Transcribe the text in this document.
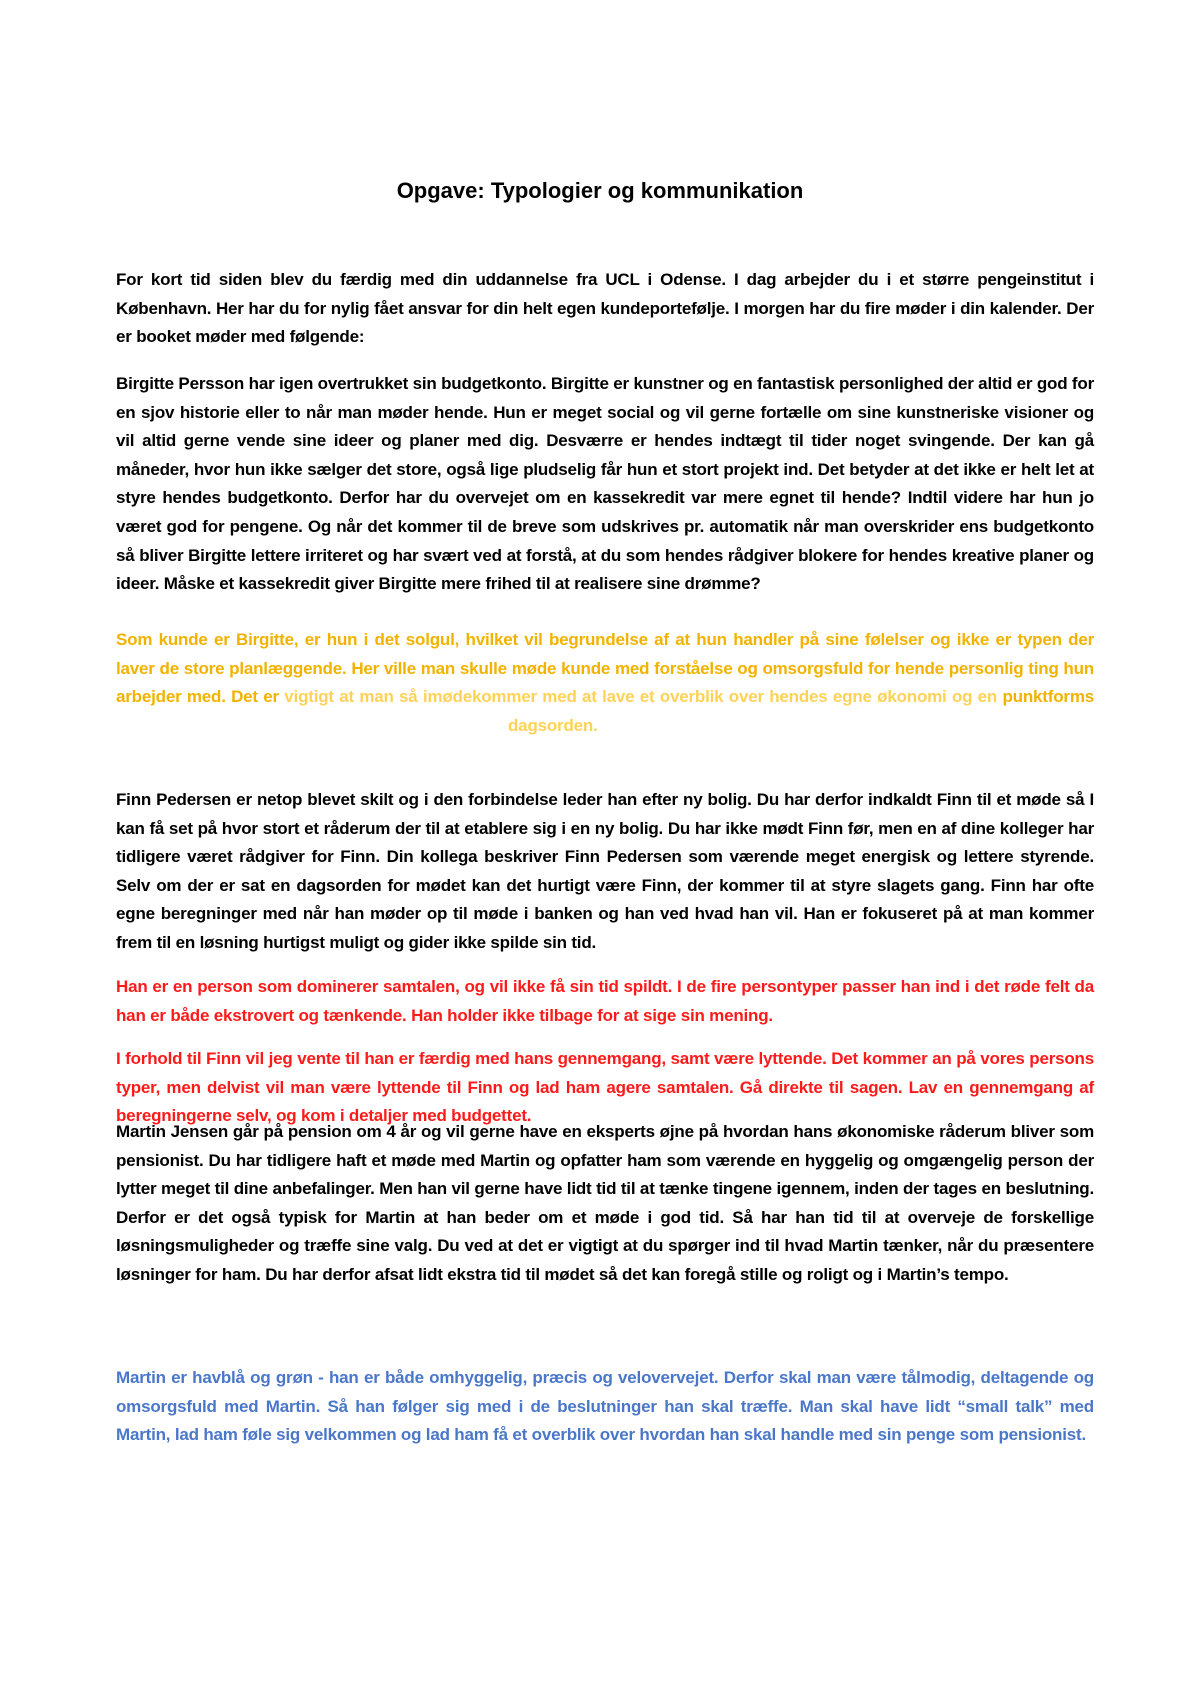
Opgave: Typologier og kommunikation

For kort tid siden blev du færdig med din uddannelse fra UCL i Odense. I dag arbejder du i et større pengeinstitut i København. Her har du for nylig fået ansvar for din helt egen kundeportefølje. I morgen har du fire møder i din kalender. Der er booket møder med følgende:

Birgitte Persson har igen overtrukket sin budgetkonto. Birgitte er kunstner og en fantastisk personlighed der altid er god for en sjov historie eller to når man møder hende. Hun er meget social og vil gerne fortælle om sine kunstneriske visioner og vil altid gerne vende sine ideer og planer med dig. Desværre er hendes indtægt til tider noget svingende. Der kan gå måneder, hvor hun ikke sælger det store, også lige pludselig får hun et stort projekt ind. Det betyder at det ikke er helt let at styre hendes budgetkonto. Derfor har du overvejet om en kassekredit var mere egnet til hende? Indtil videre har hun jo været god for pengene. Og når det kommer til de breve som udskrives pr. automatik når man overskrider ens budgetkonto så bliver Birgitte lettere irriteret og har svært ved at forstå, at du som hendes rådgiver blokere for hendes kreative planer og ideer. Måske et kassekredit giver Birgitte mere frihed til at realisere sine drømme?

Som kunde er Birgitte, er hun i det solgul, hvilket vil begrundelse af at hun handler på sine følelser og ikke er typen der laver de store planlæggende. Her ville man skulle møde kunde med forståelse og omsorgsfuld for hende personlig ting hun arbejder med. Det er vigtigt at man så imødekommer med at lave et overblik over hendes egne økonomi og en punktformsdagsorden.

Finn Pedersen er netop blevet skilt og i den forbindelse leder han efter ny bolig. Du har derfor indkaldt Finn til et møde så I kan få set på hvor stort et råderum der til at etablere sig i en ny bolig. Du har ikke mødt Finn før, men en af dine kolleger har tidligere været rådgiver for Finn. Din kollega beskriver Finn Pedersen som værende meget energisk og lettere styrende. Selv om der er sat en dagsorden for mødet kan det hurtigt være Finn, der kommer til at styre slagets gang. Finn har ofte egne beregninger med når han møder op til møde i banken og han ved hvad han vil. Han er fokuseret på at man kommer frem til en løsning hurtigst muligt og gider ikke spilde sin tid.

Han er en person som dominerer samtalen, og vil ikke få sin tid spildt. I de fire persontyper passer han ind i det røde felt da han er både ekstrovert og tænkende. Han holder ikke tilbage for at sige sin mening.

I forhold til Finn vil jeg vente til han er færdig med hans gennemgang, samt være lyttende. Det kommer an på vores persons typer, men delvist vil man være lyttende til Finn og lad ham agere samtalen. Gå direkte til sagen. Lav en gennemgang af beregningerne selv, og kom i detaljer med budgettet.

Martin Jensen går på pension om 4 år og vil gerne have en eksperts øjne på hvordan hans økonomiske råderum bliver som pensionist. Du har tidligere haft et møde med Martin og opfatter ham som værende en hyggelig og omgængelig person der lytter meget til dine anbefalinger. Men han vil gerne have lidt tid til at tænke tingene igennem, inden der tages en beslutning. Derfor er det også typisk for Martin at han beder om et møde i god tid. Så har han tid til at overveje de forskellige løsningsmuligheder og træffe sine valg. Du ved at det er vigtigt at du spørger ind til hvad Martin tænker, når du præsentere løsninger for ham. Du har derfor afsat lidt ekstra tid til mødet så det kan foregå stille og roligt og i Martin’s tempo.

Martin er havblå og grøn - han er både omhyggelig, præcis og velovervejet. Derfor skal man være tålmodig, deltagende og omsorgsfuld med Martin. Så han følger sig med i de beslutninger han skal træffe. Man skal have lidt “small talk” med Martin, lad ham føle sig velkommen og lad ham få et overblik over hvordan han skal handle med sin penge som pensionist.
